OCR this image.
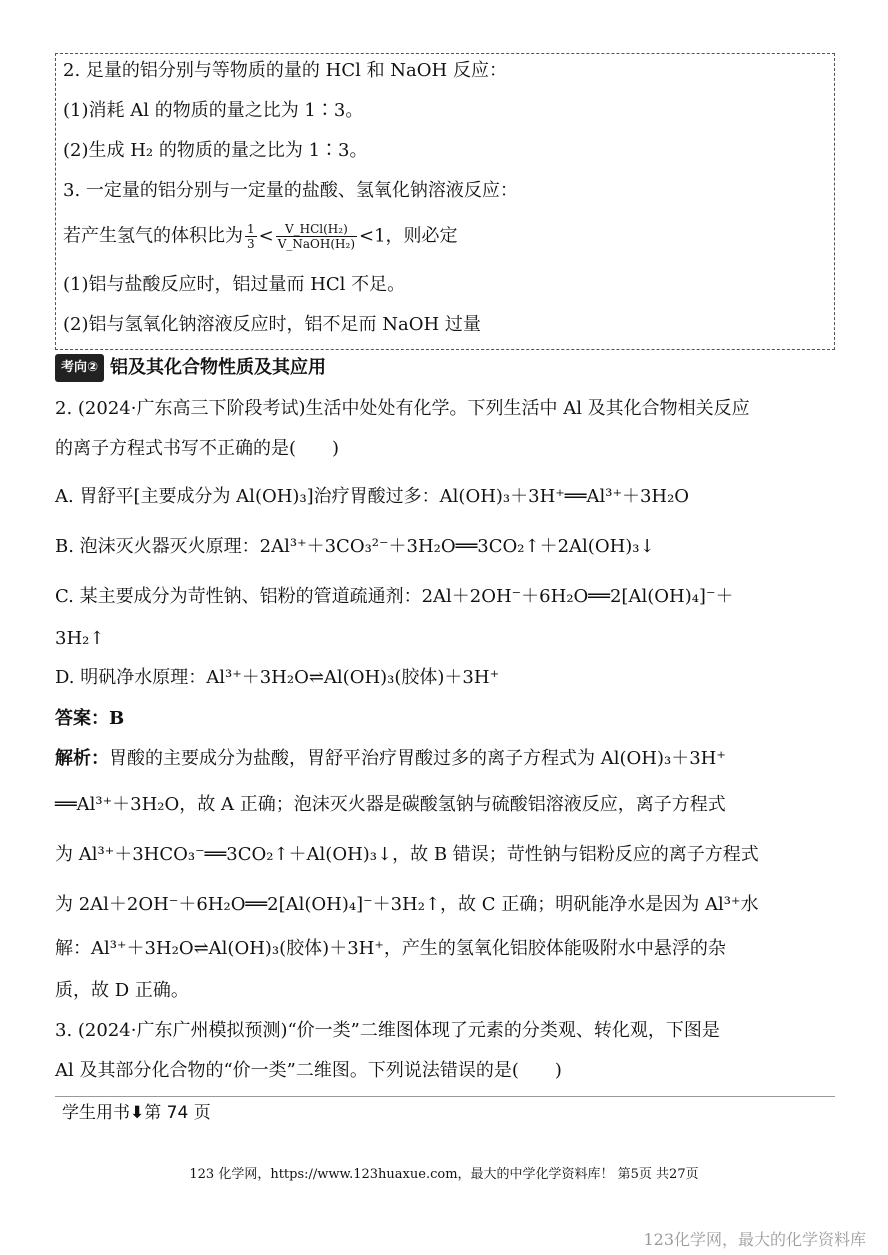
2. 足量的铝分别与等物质的量的 HCl 和 NaOH 反应：
(1)消耗 Al 的物质的量之比为 1∶3。
(2)生成 H₂ 的物质的量之比为 1∶3。
3. 一定量的铝分别与一定量的盐酸、氢氧化钠溶液反应：
若产生氢气的体积比为 $\frac{1}{3} < \frac{\text{V\_HCl(H₂)}}{\text{V\_NaOH(H₂)}} <1$，则必定
(1)铝与盐酸反应时，铝过量而 HCl 不足。
(2)铝与氢氧化钠溶液反应时，铝不足而 NaOH 过量
考向② 铝及其化合物性质及其应用
2. (2024·广东高三下阶段考试)生活中处处有化学。下列生活中 Al 及其化合物相关反应
的离子方程式书写不正确的是(　　)
A. 胃舒平[主要成分为 Al(OH)₃]治疗胃酸过多：Al(OH)₃＋3H⁺══Al³⁺＋3H₂O
B. 泡沫灭火器灭火原理：2Al³⁺＋3CO₃²⁻＋3H₂O══3CO₂↑＋2Al(OH)₃↓
C. 某主要成分为苛性钠、铝粉的管道疏通剂：2Al＋2OH⁻＋6H₂O══2[Al(OH)₄]⁻＋
3H₂↑
D. 明矾净水原理：Al³⁺＋3H₂O⇌Al(OH)₃(胶体)＋3H⁺
答案：B
解析：胃酸的主要成分为盐酸，胃舒平治疗胃酸过多的离子方程式为 Al(OH)₃＋3H⁺
══Al³⁺＋3H₂O，故 A 正确；泡沫灭火器是碳酸氢钠与硫酸铝溶液反应，离子方程式
为 Al³⁺＋3HCO₃⁻══3CO₂↑＋Al(OH)₃↓，故 B 错误；苛性钠与铝粉反应的离子方程式
为 2Al＋2OH⁻＋6H₂O══2[Al(OH)₄]⁻＋3H₂↑，故 C 正确；明矾能净水是因为 Al³⁺水
解：Al³⁺＋3H₂O⇌Al(OH)₃(胶体)＋3H⁺，产生的氢氧化铝胶体能吸附水中悬浮的杂
质，故 D 正确。
3. (2024·广东广州模拟预测)“价一类”二维图体现了元素的分类观、转化观，下图是
Al 及其部分化合物的“价一类”二维图。下列说法错误的是(　　)
学生用书⬇第 74 页
123 化学网，https://www.123huaxue.com，最大的中学化学资料库！ 第5页 共27页
123化学网，最大的化学资料库
